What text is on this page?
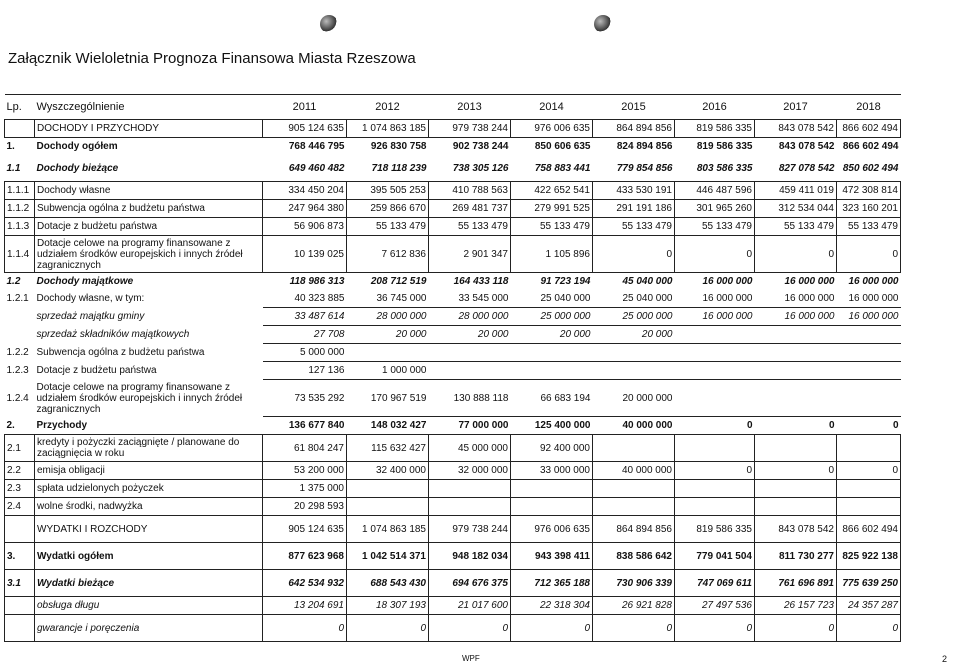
Załącznik Wieloletnia Prognoza Finansowa Miasta Rzeszowa
Lp.	Wyszczególnienie	2011	2012	2013	2014	2015	2016	2017	2018
	DOCHODY I PRZYCHODY	905 124 635	1 074 863 185	979 738 244	976 006 635	864 894 856	819 586 335	843 078 542	866 602 494
1.	Dochody ogółem	768 446 795	926 830 758	902 738 244	850 606 635	824 894 856	819 586 335	843 078 542	866 602 494
1.1	Dochody bieżące	649 460 482	718 118 239	738 305 126	758 883 441	779 854 856	803 586 335	827 078 542	850 602 494
1.1.1	Dochody własne	334 450 204	395 505 253	410 788 563	422 652 541	433 530 191	446 487 596	459 411 019	472 308 814
1.1.2	Subwencja ogólna z budżetu państwa	247 964 380	259 866 670	269 481 737	279 991 525	291 191 186	301 965 260	312 534 044	323 160 201
1.1.3	Dotacje z budżetu państwa	56 906 873	55 133 479	55 133 479	55 133 479	55 133 479	55 133 479	55 133 479	55 133 479
1.1.4	Dotacje celowe na programy finansowane z udziałem środków europejskich i innych źródeł zagranicznych	10 139 025	7 612 836	2 901 347	1 105 896	0	0	0	0
1.2	Dochody majątkowe	118 986 313	208 712 519	164 433 118	91 723 194	45 040 000	16 000 000	16 000 000	16 000 000
1.2.1	Dochody własne, w tym:	40 323 885	36 745 000	33 545 000	25 040 000	25 040 000	16 000 000	16 000 000	16 000 000
	sprzedaż majątku gminy	33 487 614	28 000 000	28 000 000	25 000 000	25 000 000	16 000 000	16 000 000	16 000 000
	sprzedaż składników majątkowych	27 708	20 000	20 000	20 000	20 000			
1.2.2	Subwencja ogólna z budżetu państwa	5 000 000							
1.2.3	Dotacje z budżetu państwa	127 136	1 000 000						
1.2.4	Dotacje celowe na programy finansowane z udziałem środków europejskich i innych źródeł zagranicznych	73 535 292	170 967 519	130 888 118	66 683 194	20 000 000			
2.	Przychody	136 677 840	148 032 427	77 000 000	125 400 000	40 000 000	0	0	0
2.1	kredyty i pożyczki zaciągnięte / planowane do zaciągnięcia w roku	61 804 247	115 632 427	45 000 000	92 400 000				
2.2	emisja obligacji	53 200 000	32 400 000	32 000 000	33 000 000	40 000 000	0	0	0
2.3	spłata udzielonych pożyczek	1 375 000							
2.4	wolne środki, nadwyżka	20 298 593							
	WYDATKI I ROZCHODY	905 124 635	1 074 863 185	979 738 244	976 006 635	864 894 856	819 586 335	843 078 542	866 602 494
3.	Wydatki ogółem	877 623 968	1 042 514 371	948 182 034	943 398 411	838 586 642	779 041 504	811 730 277	825 922 138
3.1	Wydatki bieżące	642 534 932	688 543 430	694 676 375	712 365 188	730 906 339	747 069 611	761 696 891	775 639 250
	obsługa długu	13 204 691	18 307 193	21 017 600	22 318 304	26 921 828	27 497 536	26 157 723	24 357 287
	gwarancje i poręczenia	0	0	0	0	0	0	0	0
WPF	2
